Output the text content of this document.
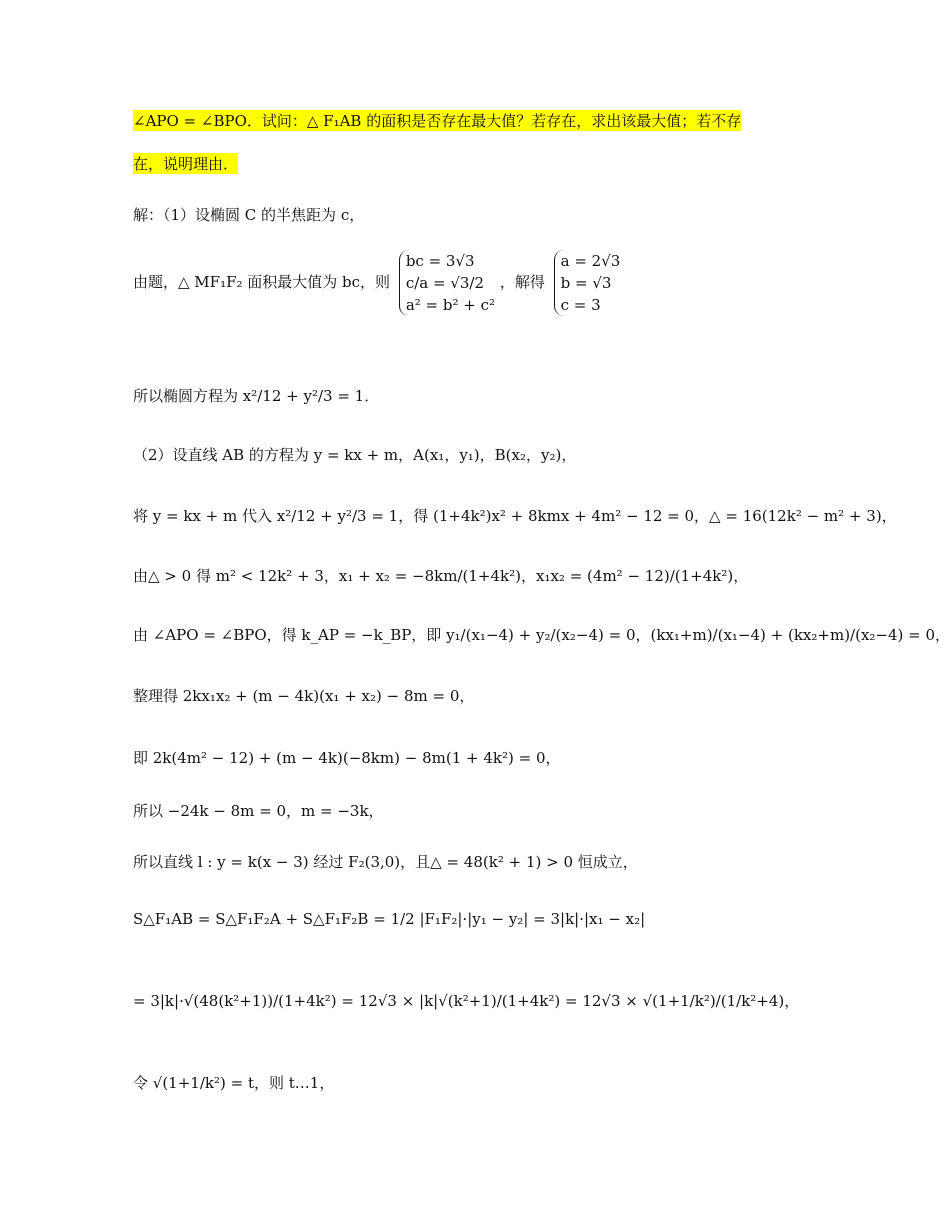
∠APO = ∠BPO．试问：△ F₁AB 的面积是否存在最大值？若存在，求出该最大值；若不存
在，说明理由．
解：（1）设椭圆 C 的半焦距为 c，
由题，△ MF₁F₂ 面积最大值为 bc，则
bc = 3√3
c/a = √3/2
a² = b² + c²
，解得
a = 2√3
b = √3
c = 3
所以椭圆方程为 x²/12 + y²/3 = 1．
（2）设直线 AB 的方程为 y = kx + m，A(x₁，y₁)，B(x₂，y₂)，
将 y = kx + m 代入 x²/12 + y²/3 = 1，得 (1+4k²)x² + 8kmx + 4m² − 12 = 0，△ = 16(12k² − m² + 3)，
由△ > 0 得 m² < 12k² + 3，x₁ + x₂ = −8km/(1+4k²)，x₁x₂ = (4m² − 12)/(1+4k²)，
由 ∠APO = ∠BPO，得 k_AP = −k_BP，即 y₁/(x₁−4) + y₂/(x₂−4) = 0，(kx₁+m)/(x₁−4) + (kx₂+m)/(x₂−4) = 0，
整理得 2kx₁x₂ + (m − 4k)(x₁ + x₂) − 8m = 0，
即 2k(4m² − 12) + (m − 4k)(−8km) − 8m(1 + 4k²) = 0，
所以 −24k − 8m = 0，m = −3k，
所以直线 l : y = k(x − 3) 经过 F₂(3,0)，且△ = 48(k² + 1) > 0 恒成立，
S△F₁AB = S△F₁F₂A + S△F₁F₂B = 1/2 |F₁F₂|·|y₁ − y₂| = 3|k|·|x₁ − x₂|
= 3|k|·√(48(k²+1))/(1+4k²) = 12√3 × |k|√(k²+1)/(1+4k²) = 12√3 × √(1+1/k²)/(1/k²+4)，
令 √(1+1/k²) = t，则 t…1，
